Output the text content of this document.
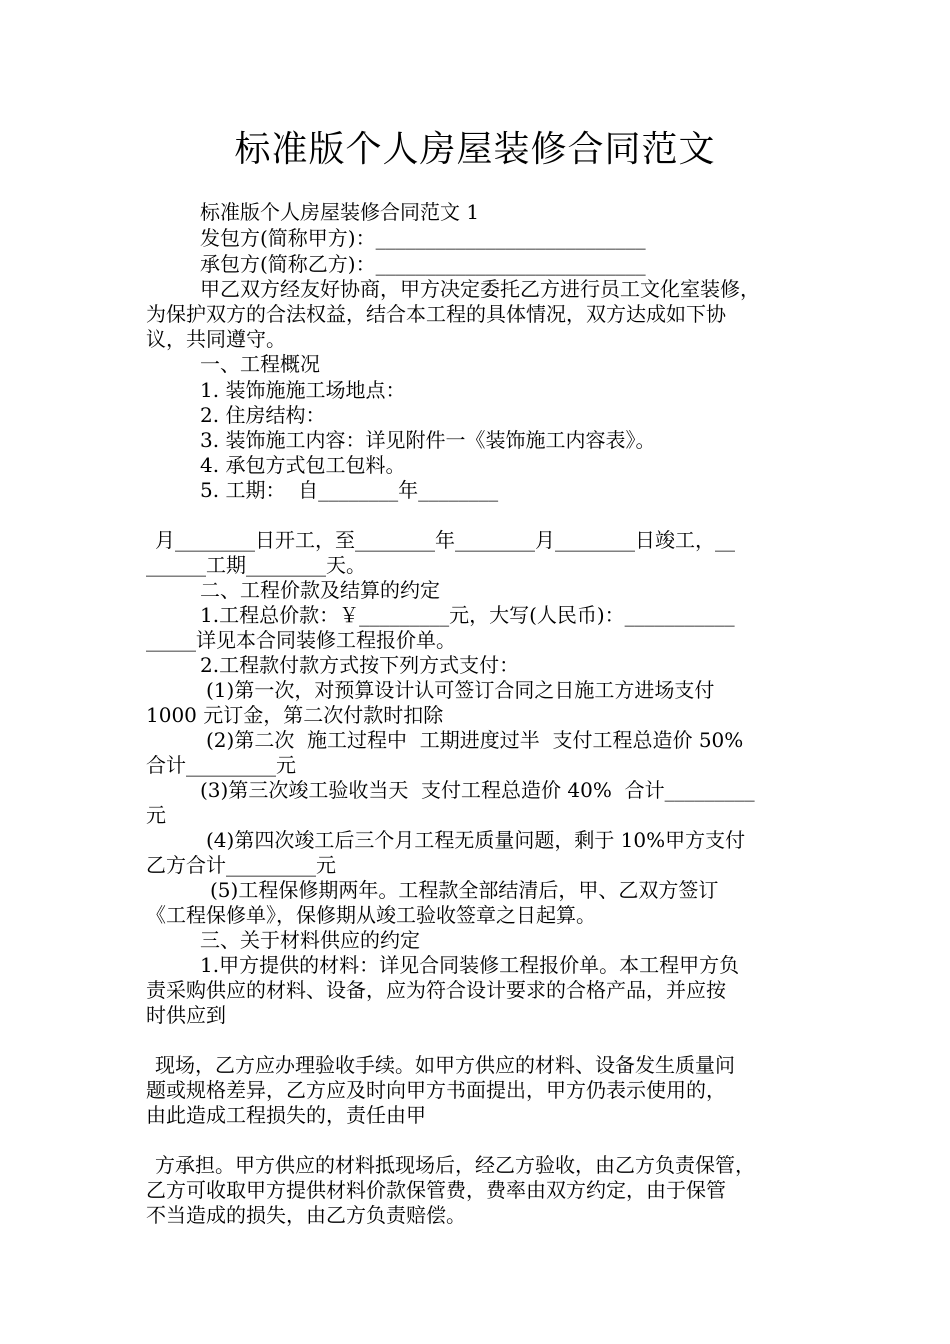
标准版个人房屋装修合同范文
标准版个人房屋装修合同范文 1
发包方(简称甲方)：___________________________
承包方(简称乙方)：___________________________
甲乙双方经友好协商，甲方决定委托乙方进行员工文化室装修，
为保护双方的合法权益，结合本工程的具体情况，双方达成如下协
议，共同遵守。
一、工程概况
1. 装饰施施工场地点：
2. 住房结构：
3. 装饰施工内容：详见附件一《装饰施工内容表》。
4. 承包方式包工包料。
5. 工期：  自________年________
月________日开工，至________年________月________日竣工，__
______工期________天。
二、工程价款及结算的约定
1.工程总价款：￥_________元，大写(人民币)：___________
_____详见本合同装修工程报价单。
2.工程款付款方式按下列方式支付：
(1)第一次，对预算设计认可签订合同之日施工方进场支付
1000 元订金，第二次付款时扣除
(2)第二次  施工过程中  工期进度过半  支付工程总造价 50%
合计_________元
(3)第三次竣工验收当天  支付工程总造价 40%  合计_________
元
(4)第四次竣工后三个月工程无质量问题，剩于 10%甲方支付
乙方合计_________元
(5)工程保修期两年。工程款全部结清后，甲、乙双方签订
《工程保修单》，保修期从竣工验收签章之日起算。
三、关于材料供应的约定
1.甲方提供的材料：详见合同装修工程报价单。本工程甲方负
责采购供应的材料、设备，应为符合设计要求的合格产品，并应按
时供应到
现场，乙方应办理验收手续。如甲方供应的材料、设备发生质量问
题或规格差异，乙方应及时向甲方书面提出，甲方仍表示使用的，
由此造成工程损失的，责任由甲
方承担。甲方供应的材料抵现场后，经乙方验收，由乙方负责保管，
乙方可收取甲方提供材料价款保管费，费率由双方约定，由于保管
不当造成的损失，由乙方负责赔偿。
